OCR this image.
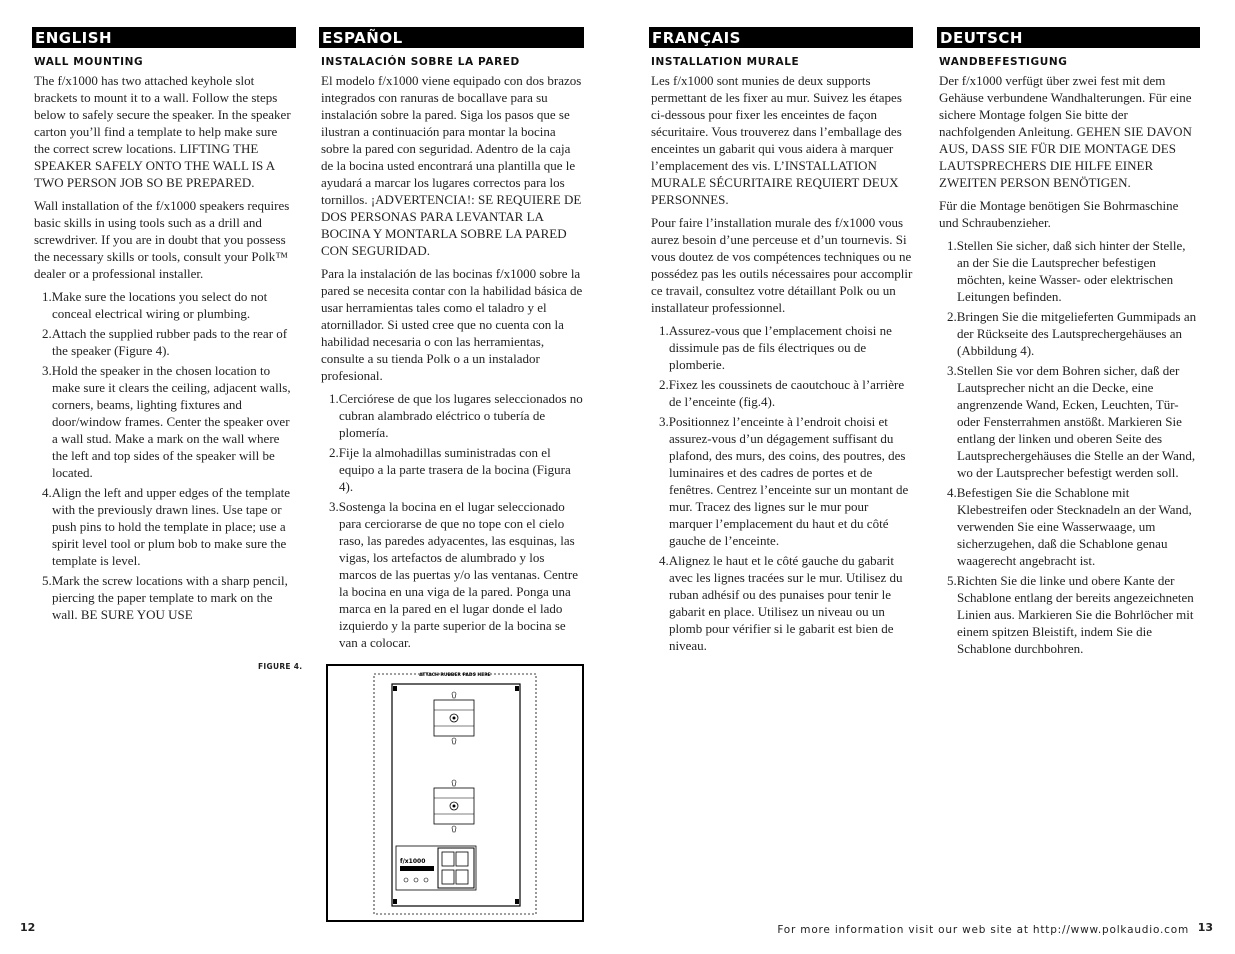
ENGLISH
WALL MOUNTING

The f/x1000 has two attached keyhole slot brackets to mount it to a wall. Follow the steps below to safely secure the speaker. In the speaker carton you’ll find a template to help make sure the correct screw locations. LIFTING THE SPEAKER SAFELY ONTO THE WALL IS A TWO PERSON JOB SO BE PREPARED.

Wall installation of the f/x1000 speakers requires basic skills in using tools such as a drill and screwdriver. If you are in doubt that you possess the necessary skills or tools, consult your Polk™ dealer or a professional installer.

1.Make sure the locations you select do not conceal electrical wiring or plumbing.
2.Attach the supplied rubber pads to the rear of the speaker (Figure 4).
3.Hold the speaker in the chosen location to make sure it clears the ceiling, adjacent walls, corners, beams, lighting fixtures and door/window frames. Center the speaker over a wall stud. Make a mark on the wall where the left and top sides of the speaker will be located.
4.Align the left and upper edges of the template with the previously drawn lines. Use tape or push pins to hold the template in place; use a spirit level tool or plum bob to make sure the template is level.
5.Mark the screw locations with a sharp pencil, piercing the paper template to mark on the wall. BE SURE YOU USE
ESPAÑOL
INSTALACIÓN SOBRE LA PARED

El modelo f/x1000 viene equipado con dos brazos integrados con ranuras de bocallave para su instalación sobre la pared. Siga los pasos que se ilustran a continuación para montar la bocina sobre la pared con seguridad. Adentro de la caja de la bocina usted encontrará una plantilla que le ayudará a marcar los lugares correctos para los tornillos. ¡ADVERTENCIA!: SE REQUIERE DE DOS PERSONAS PARA LEVANTAR LA BOCINA Y MONTARLA SOBRE LA PARED CON SEGURIDAD.

Para la instalación de las bocinas f/x1000 sobre la pared se necesita contar con la habilidad básica de usar herramientas tales como el taladro y el atornillador. Si usted cree que no cuenta con la habilidad necesaria o con las herramientas, consulte a su tienda Polk o a un instalador profesional.

1.Cerciórese de que los lugares seleccionados no cubran alambrado eléctrico o tubería de plomería.
2.Fije la almohadillas suministradas con el equipo a la parte trasera de la bocina (Figura 4).
3.Sostenga la bocina en el lugar seleccionado para cerciorarse de que no tope con el cielo raso, las paredes adyacentes, las esquinas, las vigas, los artefactos de alumbrado y los marcos de las puertas y/o las ventanas. Centre la bocina en una viga de la pared. Ponga una marca en la pared en el lugar donde el lado izquierdo y la parte superior de la bocina se van a colocar.
FRANÇAIS
INSTALLATION MURALE

Les f/x1000 sont munies de deux supports permettant de les fixer au mur. Suivez les étapes ci-dessous pour fixer les enceintes de façon sécuritaire. Vous trouverez dans l’emballage des enceintes un gabarit qui vous aidera à marquer l’emplacement des vis. L’INSTALLATION MURALE SÉCURITAIRE REQUIERT DEUX PERSONNES.

Pour faire l’installation murale des f/x1000 vous aurez besoin d’une perceuse et d’un tournevis. Si vous doutez de vos compétences techniques ou ne possédez pas les outils nécessaires pour accomplir ce travail, consultez votre détaillant Polk ou un installateur professionnel.

1.Assurez-vous que l’emplacement choisi ne dissimule pas de fils électriques ou de plomberie.
2.Fixez les coussinets de caoutchouc à l’arrière de l’enceinte (fig.4).
3.Positionnez l’enceinte à l’endroit choisi et assurez-vous d’un dégagement suffisant du plafond, des murs, des coins, des poutres, des luminaires et des cadres de portes et de fenêtres. Centrez l’enceinte sur un montant de mur. Tracez des lignes sur le mur pour marquer l’emplacement du haut et du côté gauche de l’enceinte.
4.Alignez le haut et le côté gauche du gabarit avec les lignes tracées sur le mur. Utilisez du ruban adhésif ou des punaises pour tenir le gabarit en place. Utilisez un niveau ou un plomb pour vérifier si le gabarit est bien de niveau.
DEUTSCH
WANDBEFESTIGUNG

Der f/x1000 verfügt über zwei fest mit dem Gehäuse verbundene Wandhalterungen. Für eine sichere Montage folgen Sie bitte der nachfolgenden Anleitung. GEHEN SIE DAVON AUS, DASS SIE FÜR DIE MONTAGE DES LAUTSPRECHERS DIE HILFE EINER ZWEITEN PERSON BENÖTIGEN.

Für die Montage benötigen Sie Bohrmaschine und Schraubenzieher.

1.Stellen Sie sicher, daß sich hinter der Stelle, an der Sie die Lautsprecher befestigen möchten, keine Wasser- oder elektrischen Leitungen befinden.
2.Bringen Sie die mitgelieferten Gummipads an der Rückseite des Lautsprechergehäuses an (Abbildung 4).
3.Stellen Sie vor dem Bohren sicher, daß der Lautsprecher nicht an die Decke, eine angrenzende Wand, Ecken, Leuchten, Tür- oder Fensterrahmen anstößt. Markieren Sie entlang der linken und oberen Seite des Lautsprechergehäuses die Stelle an der Wand, wo der Lautsprecher befestigt werden soll.
4.Befestigen Sie die Schablone mit Klebestreifen oder Stecknadeln an der Wand, verwenden Sie eine Wasserwaage, um sicherzugehen, daß die Schablone genau waagerecht angebracht ist.
5.Richten Sie die linke und obere Kante der Schablone entlang der bereits angezeichneten Linien aus. Markieren Sie die Bohrlöcher mit einem spitzen Bleistift, indem Sie die Schablone durchbohren.
FIGURE 4.
ATTACH RUBBER PADS HERE
f/x1000
12	For more information visit our web site at http://www.polkaudio.com 13
